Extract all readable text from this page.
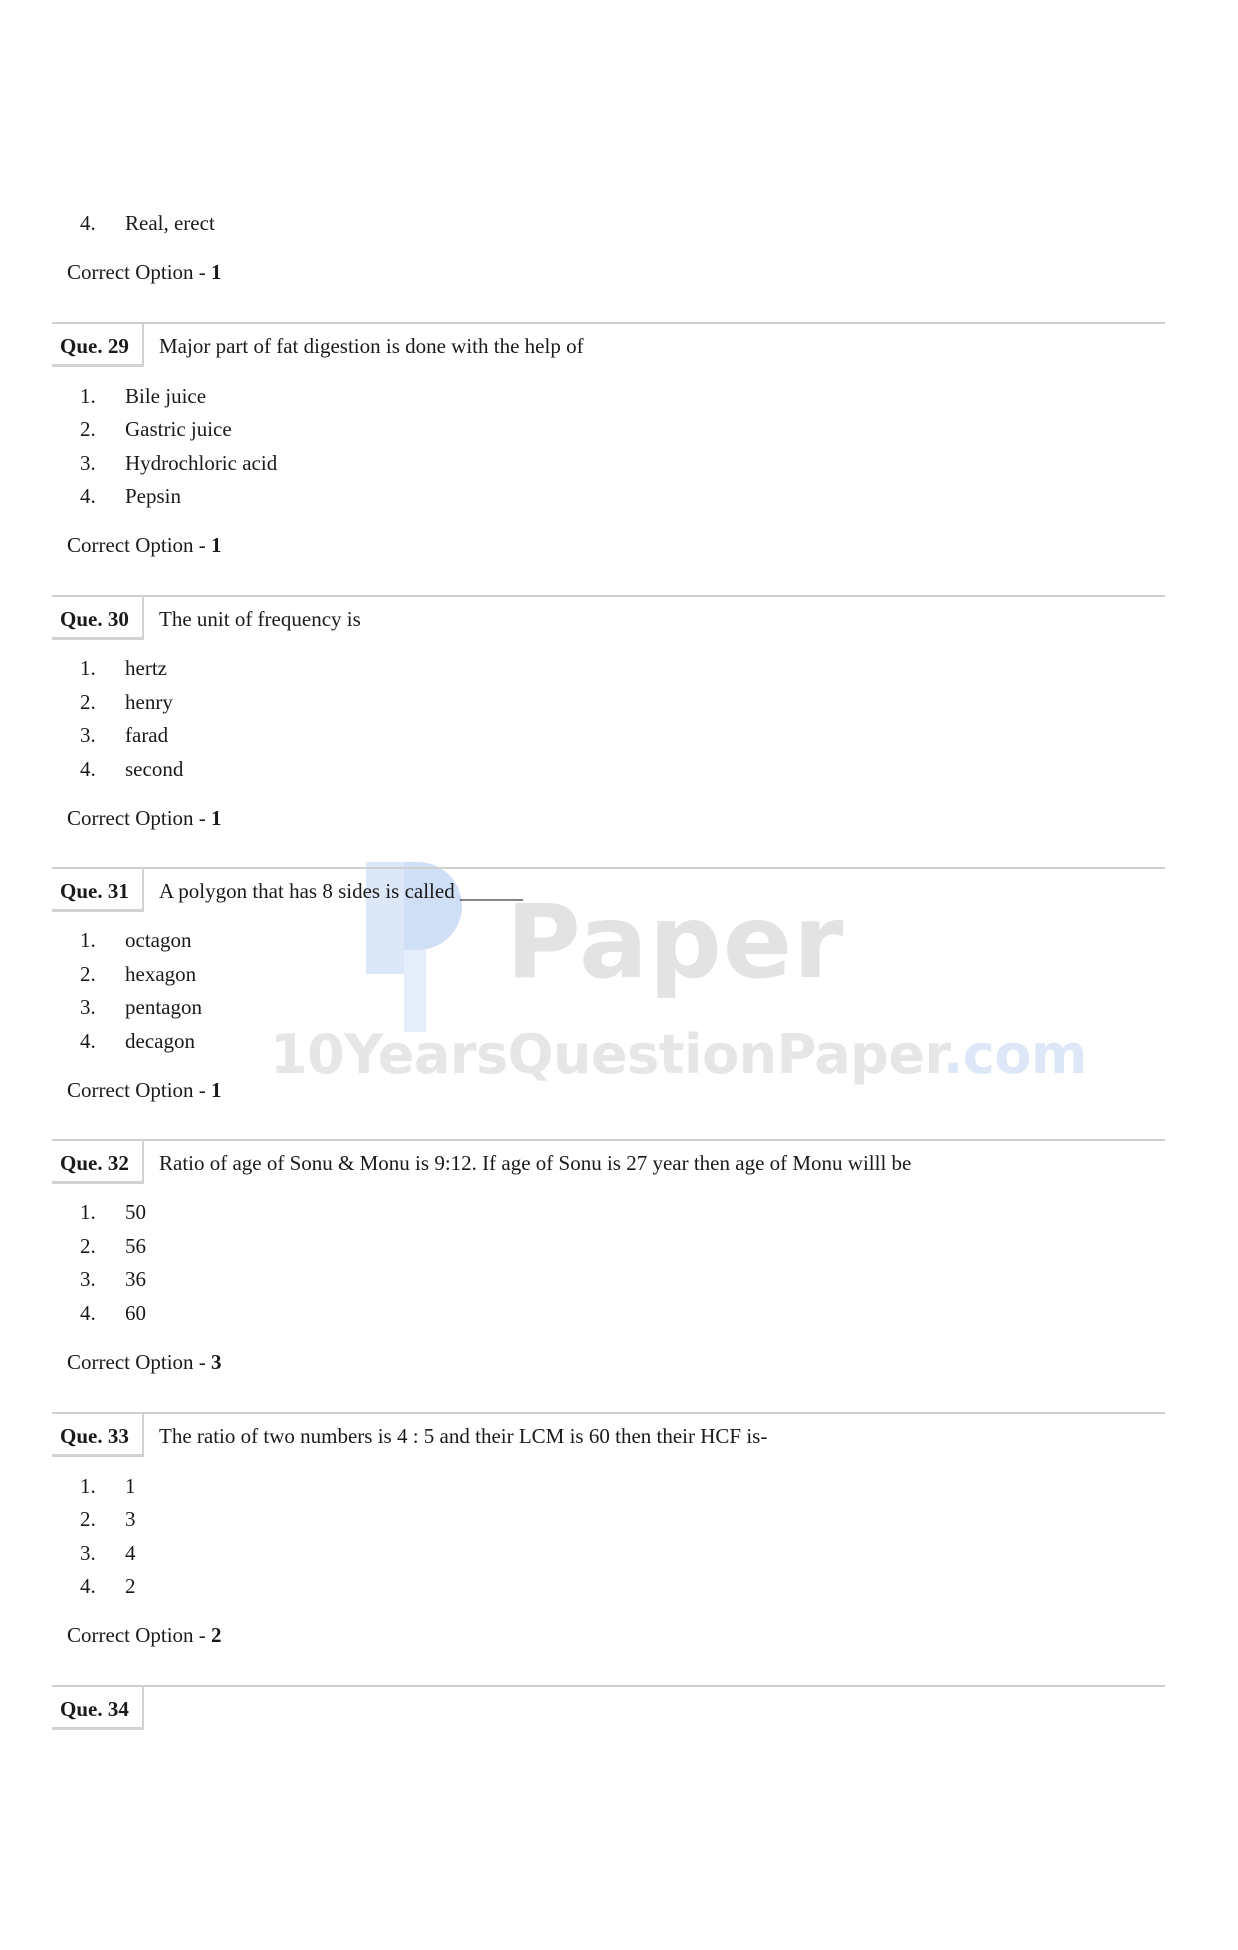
Paper
10YearsQuestionPaper.com
4. Real, erect
Correct Option - 1
Que. 29 Major part of fat digestion is done with the help of
1. Bile juice
2. Gastric juice
3. Hydrochloric acid
4. Pepsin
Correct Option - 1
Que. 30 The unit of frequency is
1. hertz
2. henry
3. farad
4. second
Correct Option - 1
Que. 31 A polygon that has 8 sides is called ______
1. octagon
2. hexagon
3. pentagon
4. decagon
Correct Option - 1
Que. 32 Ratio of age of Sonu & Monu is 9:12. If age of Sonu is 27 year then age of Monu willl be
1. 50
2. 56
3. 36
4. 60
Correct Option - 3
Que. 33 The ratio of two numbers is 4 : 5 and their LCM is 60 then their HCF is-
1. 1
2. 3
3. 4
4. 2
Correct Option - 2
Que. 34
